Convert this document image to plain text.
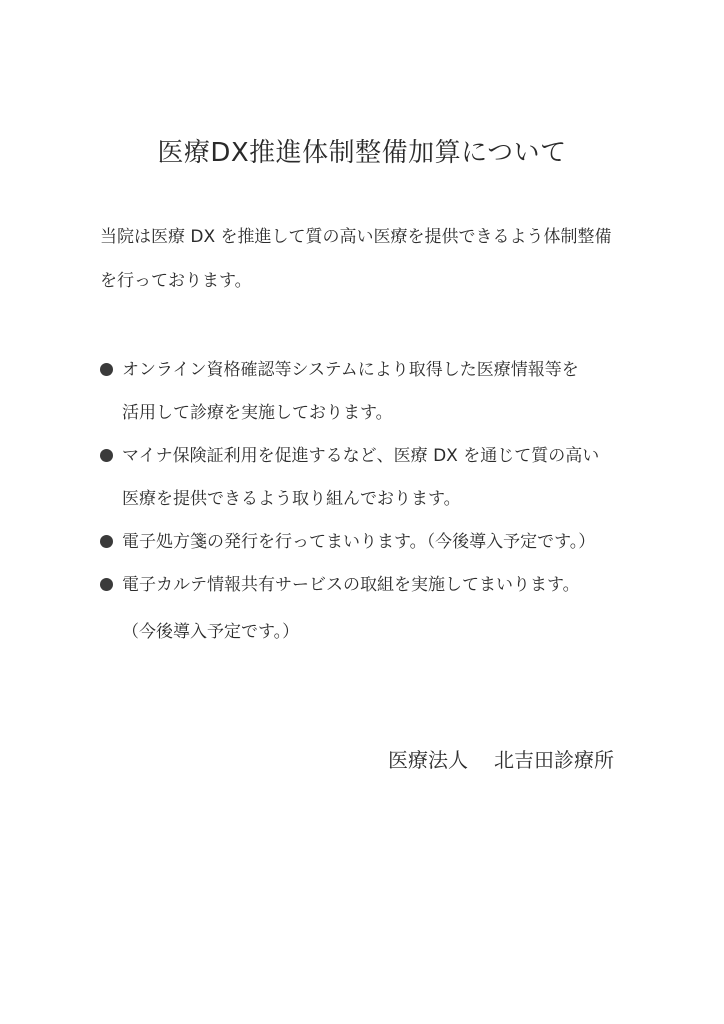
医療DX推進体制整備加算について
当院は医療 DX を推進して質の高い医療を提供できるよう体制整備
を行っております。
オンライン資格確認等システムにより取得した医療情報等を
活用して診療を実施しております。
マイナ保険証利用を促進するなど、医療 DX を通じて質の高い
医療を提供できるよう取り組んでおります。
電子処方箋の発行を行ってまいります。（今後導入予定です。）
電子カルテ情報共有サービスの取組を実施してまいります。
（今後導入予定です。）
医療法人 北吉田診療所
